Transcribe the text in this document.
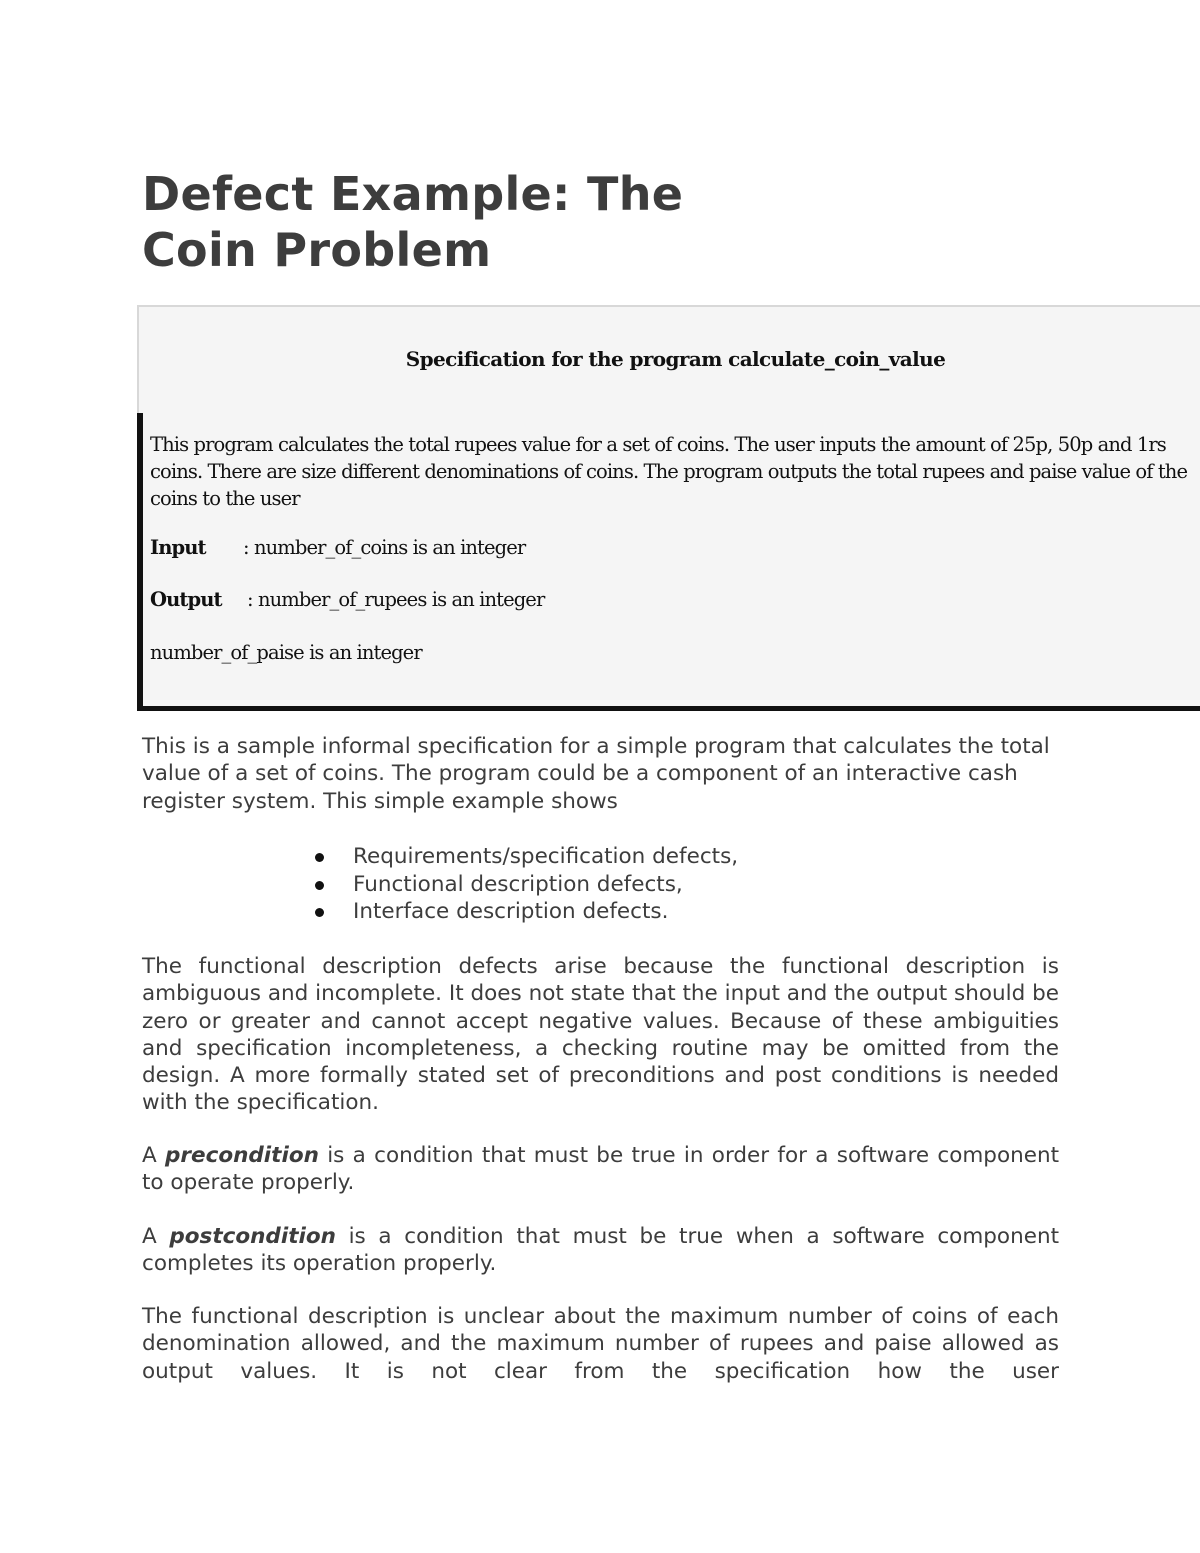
Defect Example: The
Coin Problem
Specification for the program calculate_coin_value

This program calculates the total rupees value for a set of coins. The user inputs the amount of 25p, 50p and 1rs coins. There are size different denominations of coins. The program outputs the total rupees and paise value of the coins to the user

Input : number_of_coins is an integer
Output : number_of_rupees is an integer
number_of_paise is an integer

This is a sample informal specification for a simple program that calculates the total value of a set of coins. The program could be a component of an interactive cash register system. This simple example shows

Requirements/specification defects,
Functional description defects,
Interface description defects.

The functional description defects arise because the functional description is ambiguous and incomplete. It does not state that the input and the output should be zero or greater and cannot accept negative values. Because of these ambiguities and specification incompleteness, a checking routine may be omitted from the design. A more formally stated set of preconditions and post conditions is needed with the specification.

A precondition is a condition that must be true in order for a software component to operate properly.

A postcondition is a condition that must be true when a software component completes its operation properly.

The functional description is unclear about the maximum number of coins of each denomination allowed, and the maximum number of rupees and paise allowed as output values. It is not clear from the specification how the user
